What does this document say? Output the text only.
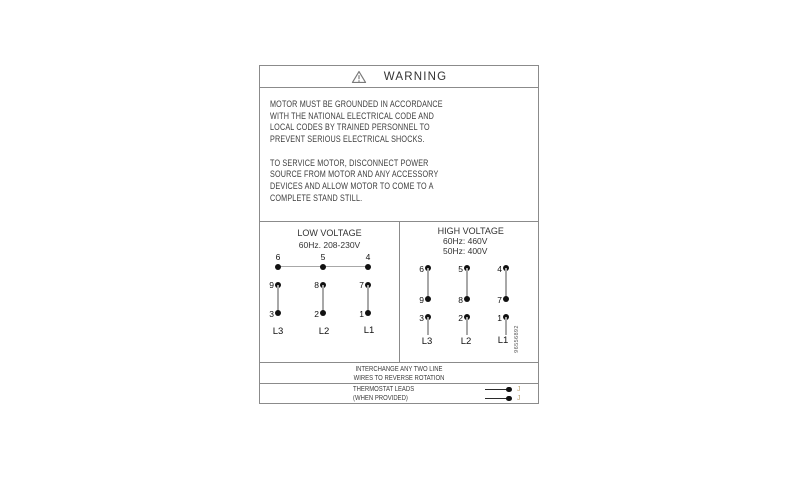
WARNING
MOTOR MUST BE GROUNDED IN ACCORDANCE
WITH THE NATIONAL ELECTRICAL CODE AND
LOCAL CODES BY TRAINED PERSONNEL TO
PREVENT SERIOUS ELECTRICAL SHOCKS.
TO SERVICE MOTOR, DISCONNECT POWER
SOURCE FROM MOTOR AND ANY ACCESSORY
DEVICES AND ALLOW MOTOR TO COME TO A
COMPLETE STAND STILL.
LOW VOLTAGE
60Hz. 208-230V
6	5	4
9	8	7
3	2	1
L3	L2	L1
HIGH VOLTAGE
60Hz: 460V
50Hz: 400V
6	5	4
9	8	7
3	2	1
L3	L2	L1	96556892
INTERCHANGE ANY TWO LINE
WIRES TO REVERSE ROTATION
THERMOSTAT LEADS
(WHEN PROVIDED)
J
J
